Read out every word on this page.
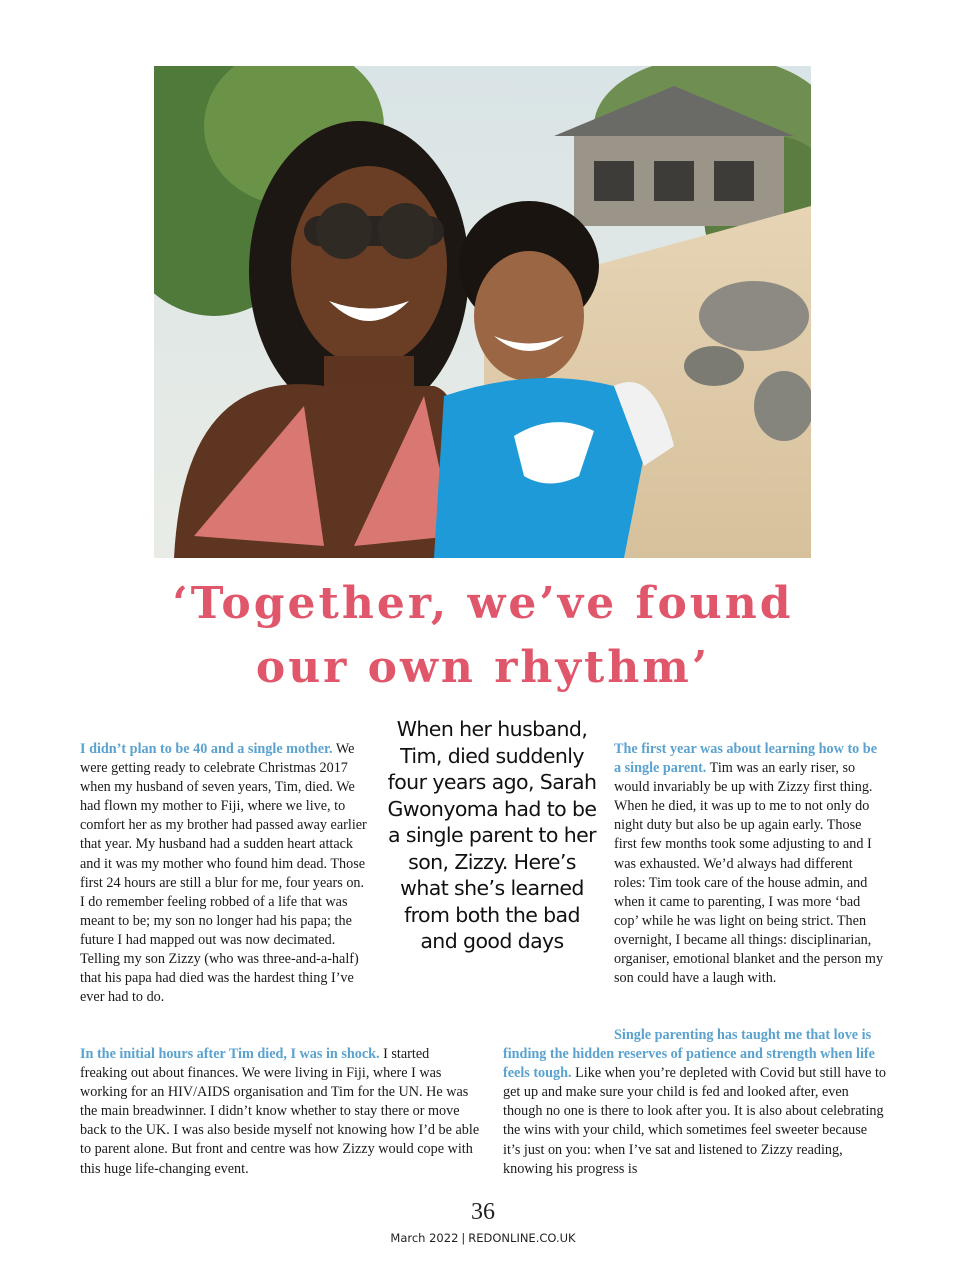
‘Together, we’ve found
our own rhythm’
I didn’t plan to be 40 and a single mother. We were getting ready to celebrate Christmas 2017 when my husband of seven years, Tim, died. We had flown my mother to Fiji, where we live, to comfort her as my brother had passed away earlier that year. My husband had a sudden heart attack and it was my mother who found him dead. Those first 24 hours are still a blur for me, four years on. I do remember feeling robbed of a life that was meant to be; my son no longer had his papa; the future I had mapped out was now decimated. Telling my son Zizzy (who was three-and-a-half) that his papa had died was the hardest thing I’ve ever had to do.
When her husband, Tim, died suddenly four years ago, Sarah Gwonyoma had to be a single parent to her son, Zizzy. Here’s what she’s learned from both the bad and good days
The first year was about learning how to be a single parent. Tim was an early riser, so would invariably be up with Zizzy first thing. When he died, it was up to me to not only do night duty but also be up again early. Those first few months took some adjusting to and I was exhausted. We’d always had different roles: Tim took care of the house admin, and when it came to parenting, I was more ‘bad cop’ while he was light on being strict. Then overnight, I became all things: disciplinarian, organiser, emotional blanket and the person my son could have a laugh with.
In the initial hours after Tim died, I was in shock. I started freaking out about finances. We were living in Fiji, where I was working for an HIV/AIDS organisation and Tim for the UN. He was the main breadwinner. I didn’t know whether to stay there or move back to the UK. I was also beside myself not knowing how I’d be able to parent alone. But front and centre was how Zizzy would cope with this huge life-changing event.
Single parenting has taught me that love is finding the hidden reserves of patience and strength when life feels tough. Like when you’re depleted with Covid but still have to get up and make sure your child is fed and looked after, even though no one is there to look after you. It is also about celebrating the wins with your child, which sometimes feel sweeter because it’s just on you: when I’ve sat and listened to Zizzy reading, knowing his progress is
36
March 2022 | REDONLINE.CO.UK
